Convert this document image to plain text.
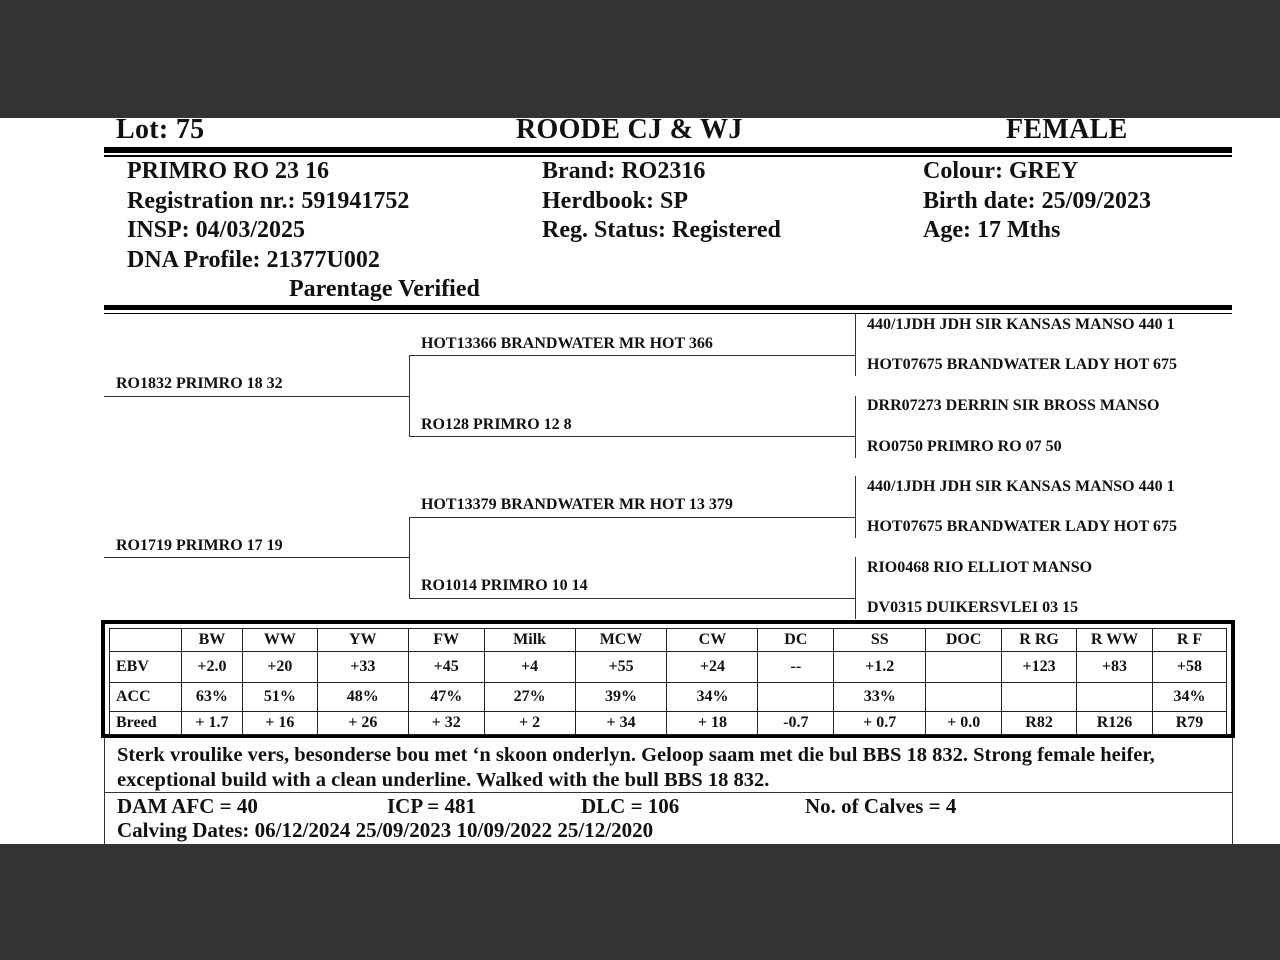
Lot: 75	ROODE CJ & WJ	FEMALE
PRIMRO RO 23 16
Registration nr.: 591941752
INSP: 04/03/2025
DNA Profile: 21377U002
Parentage Verified
Brand: RO2316
Herdbook: SP
Reg. Status: Registered
Colour: GREY
Birth date: 25/09/2023
Age: 17 Mths
RO1832 PRIMRO 18 32
RO1719 PRIMRO 17 19
HOT13366 BRANDWATER MR HOT 366
RO128 PRIMRO 12 8
HOT13379 BRANDWATER MR HOT 13 379
RO1014 PRIMRO 10 14
440/1JDH JDH SIR KANSAS MANSO 440 1
HOT07675 BRANDWATER LADY HOT 675
DRR07273 DERRIN SIR BROSS MANSO
RO0750 PRIMRO RO 07 50
440/1JDH JDH SIR KANSAS MANSO 440 1
HOT07675 BRANDWATER LADY HOT 675
RIO0468 RIO ELLIOT MANSO
DV0315 DUIKERSVLEI 03 15
	BW	WW	YW	FW	Milk	MCW	CW	DC	SS	DOC	R RG	R WW	R F
EBV	+2.0	+20	+33	+45	+4	+55	+24	--	+1.2		+123	+83	+58
ACC	63%	51%	48%	47%	27%	39%	34%		33%				34%
Breed	+ 1.7	+ 16	+ 26	+ 32	+ 2	+ 34	+ 18	-0.7	+ 0.7	+ 0.0	R82	R126	R79
Sterk vroulike vers, besonderse bou met ‘n skoon onderlyn. Geloop saam met die bul BBS 18 832. Strong female heifer, exceptional build with a clean underline. Walked with the bull BBS 18 832.
DAM AFC = 40	ICP = 481	DLC = 106	No. of Calves = 4
Calving Dates: 06/12/2024 25/09/2023 10/09/2022 25/12/2020
